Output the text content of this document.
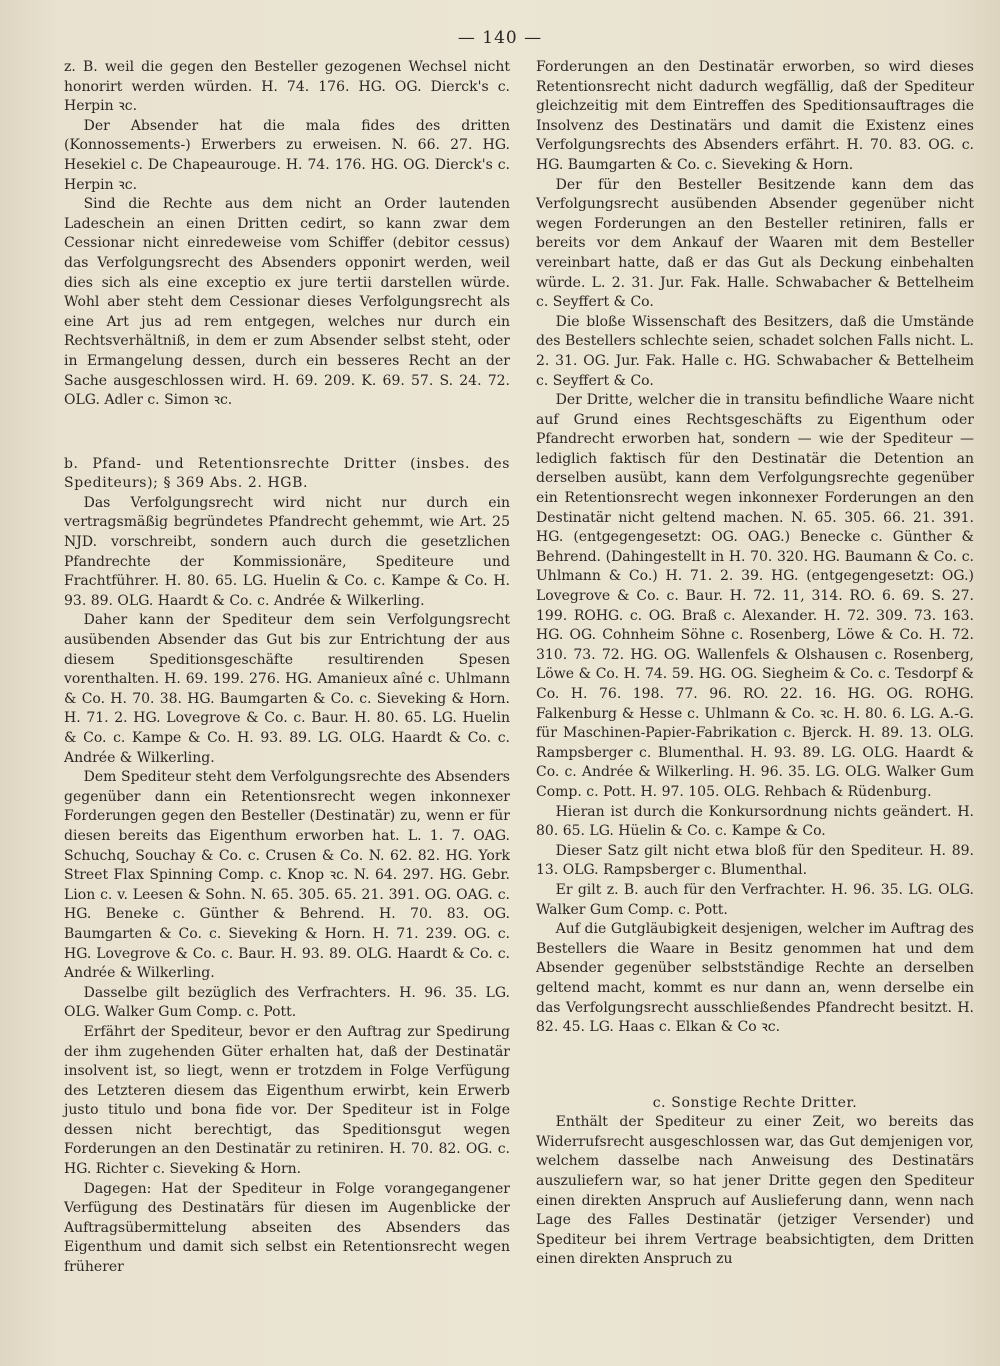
— 140 —

z. B. weil die gegen den Besteller gezogenen Wechsel nicht honorirt werden würden. H. 74. 176. HG. OG. Dierck's c. Herpin ꝛc.

Der Absender hat die mala fides des dritten (Konnossements-) Erwerbers zu erweisen. N. 66. 27. HG. Hesekiel c. De Chapeaurouge. H. 74. 176. HG. OG. Dierck's c. Herpin ꝛc.

Sind die Rechte aus dem nicht an Order lautenden Ladeschein an einen Dritten cedirt, so kann zwar dem Cessionar nicht einredeweise vom Schiffer (debitor cessus) das Verfolgungsrecht des Absenders opponirt werden, weil dies sich als eine exceptio ex jure tertii darstellen würde. Wohl aber steht dem Cessionar dieses Verfolgungsrecht als eine Art jus ad rem entgegen, welches nur durch ein Rechtsverhältniß, in dem er zum Absender selbst steht, oder in Ermangelung dessen, durch ein besseres Recht an der Sache ausgeschlossen wird. H. 69. 209. K. 69. 57. S. 24. 72. OLG. Adler c. Simon ꝛc.

b. Pfand- und Retentionsrechte Dritter (insbes. des Spediteurs); § 369 Abs. 2. HGB.

Das Verfolgungsrecht wird nicht nur durch ein vertragsmäßig begründetes Pfandrecht gehemmt, wie Art. 25 NJD. vorschreibt, sondern auch durch die gesetzlichen Pfandrechte der Kommissionäre, Spediteure und Frachtführer. H. 80. 65. LG. Huelin & Co. c. Kampe & Co. H. 93. 89. OLG. Haardt & Co. c. Andrée & Wilkerling.

Daher kann der Spediteur dem sein Verfolgungsrecht ausübenden Absender das Gut bis zur Entrichtung der aus diesem Speditionsgeschäfte resultirenden Spesen vorenthalten. H. 69. 199. 276. HG. Amanieux aîné c. Uhlmann & Co. H. 70. 38. HG. Baumgarten & Co. c. Sieveking & Horn. H. 71. 2. HG. Lovegrove & Co. c. Baur. H. 80. 65. LG. Huelin & Co. c. Kampe & Co. H. 93. 89. LG. OLG. Haardt & Co. c. Andrée & Wilkerling.

Dem Spediteur steht dem Verfolgungsrechte des Absenders gegenüber dann ein Retentionsrecht wegen inkonnexer Forderungen gegen den Besteller (Destinatär) zu, wenn er für diesen bereits das Eigenthum erworben hat. L. 1. 7. OAG. Schuchq, Souchay & Co. c. Crusen & Co. N. 62. 82. HG. York Street Flax Spinning Comp. c. Knop ꝛc. N. 64. 297. HG. Gebr. Lion c. v. Leesen & Sohn. N. 65. 305. 65. 21. 391. OG. OAG. c. HG. Beneke c. Günther & Behrend. H. 70. 83. OG. Baumgarten & Co. c. Sieveking & Horn. H. 71. 239. OG. c. HG. Lovegrove & Co. c. Baur. H. 93. 89. OLG. Haardt & Co. c. Andrée & Wilkerling.

Dasselbe gilt bezüglich des Verfrachters. H. 96. 35. LG. OLG. Walker Gum Comp. c. Pott.

Erfährt der Spediteur, bevor er den Auftrag zur Spedirung der ihm zugehenden Güter erhalten hat, daß der Destinatär insolvent ist, so liegt, wenn er trotzdem in Folge Verfügung des Letzteren diesem das Eigenthum erwirbt, kein Erwerb justo titulo und bona fide vor. Der Spediteur ist in Folge dessen nicht berechtigt, das Speditionsgut wegen Forderungen an den Destinatär zu retiniren. H. 70. 82. OG. c. HG. Richter c. Sieveking & Horn.

Dagegen: Hat der Spediteur in Folge vorangegangener Verfügung des Destinatärs für diesen im Augenblicke der Auftragsübermittelung abseiten des Absenders das Eigenthum und damit sich selbst ein Retentionsrecht wegen früherer

Forderungen an den Destinatär erworben, so wird dieses Retentionsrecht nicht dadurch wegfällig, daß der Spediteur gleichzeitig mit dem Eintreffen des Speditionsauftrages die Insolvenz des Destinatärs und damit die Existenz eines Verfolgungsrechts des Absenders erfährt. H. 70. 83. OG. c. HG. Baumgarten & Co. c. Sieveking & Horn.

Der für den Besteller Besitzende kann dem das Verfolgungsrecht ausübenden Absender gegenüber nicht wegen Forderungen an den Besteller retiniren, falls er bereits vor dem Ankauf der Waaren mit dem Besteller vereinbart hatte, daß er das Gut als Deckung einbehalten würde. L. 2. 31. Jur. Fak. Halle. Schwabacher & Bettelheim c. Seyffert & Co.

Die bloße Wissenschaft des Besitzers, daß die Umstände des Bestellers schlechte seien, schadet solchen Falls nicht. L. 2. 31. OG. Jur. Fak. Halle c. HG. Schwabacher & Bettelheim c. Seyffert & Co.

Der Dritte, welcher die in transitu befindliche Waare nicht auf Grund eines Rechtsgeschäfts zu Eigenthum oder Pfandrecht erworben hat, sondern — wie der Spediteur — lediglich faktisch für den Destinatär die Detention an derselben ausübt, kann dem Verfolgungsrechte gegenüber ein Retentionsrecht wegen inkonnexer Forderungen an den Destinatär nicht geltend machen. N. 65. 305. 66. 21. 391. HG. (entgegengesetzt: OG. OAG.) Benecke c. Günther & Behrend. (Dahingestellt in H. 70. 320. HG. Baumann & Co. c. Uhlmann & Co.) H. 71. 2. 39. HG. (entgegengesetzt: OG.) Lovegrove & Co. c. Baur. H. 72. 11, 314. RO. 6. 69. S. 27. 199. ROHG. c. OG. Braß c. Alexander. H. 72. 309. 73. 163. HG. OG. Cohnheim Söhne c. Rosenberg, Löwe & Co. H. 72. 310. 73. 72. HG. OG. Wallenfels & Olshausen c. Rosenberg, Löwe & Co. H. 74. 59. HG. OG. Siegheim & Co. c. Tesdorpf & Co. H. 76. 198. 77. 96. RO. 22. 16. HG. OG. ROHG. Falkenburg & Hesse c. Uhlmann & Co. ꝛc. H. 80. 6. LG. A.-G. für Maschinen-Papier-Fabrikation c. Bjerck. H. 89. 13. OLG. Rampsberger c. Blumenthal. H. 93. 89. LG. OLG. Haardt & Co. c. Andrée & Wilkerling. H. 96. 35. LG. OLG. Walker Gum Comp. c. Pott. H. 97. 105. OLG. Rehbach & Rüdenburg.

Hieran ist durch die Konkursordnung nichts geändert. H. 80. 65. LG. Hüelin & Co. c. Kampe & Co.

Dieser Satz gilt nicht etwa bloß für den Spediteur. H. 89. 13. OLG. Rampsberger c. Blumenthal.

Er gilt z. B. auch für den Verfrachter. H. 96. 35. LG. OLG. Walker Gum Comp. c. Pott.

Auf die Gutgläubigkeit desjenigen, welcher im Auftrag des Bestellers die Waare in Besitz genommen hat und dem Absender gegenüber selbstständige Rechte an derselben geltend macht, kommt es nur dann an, wenn derselbe ein das Verfolgungsrecht ausschließendes Pfandrecht besitzt. H. 82. 45. LG. Haas c. Elkan & Co ꝛc.

c. Sonstige Rechte Dritter.

Enthält der Spediteur zu einer Zeit, wo bereits das Widerrufsrecht ausgeschlossen war, das Gut demjenigen vor, welchem dasselbe nach Anweisung des Destinatärs auszuliefern war, so hat jener Dritte gegen den Spediteur einen direkten Anspruch auf Auslieferung dann, wenn nach Lage des Falles Destinatär (jetziger Versender) und Spediteur bei ihrem Vertrage beabsichtigten, dem Dritten einen direkten Anspruch zu
